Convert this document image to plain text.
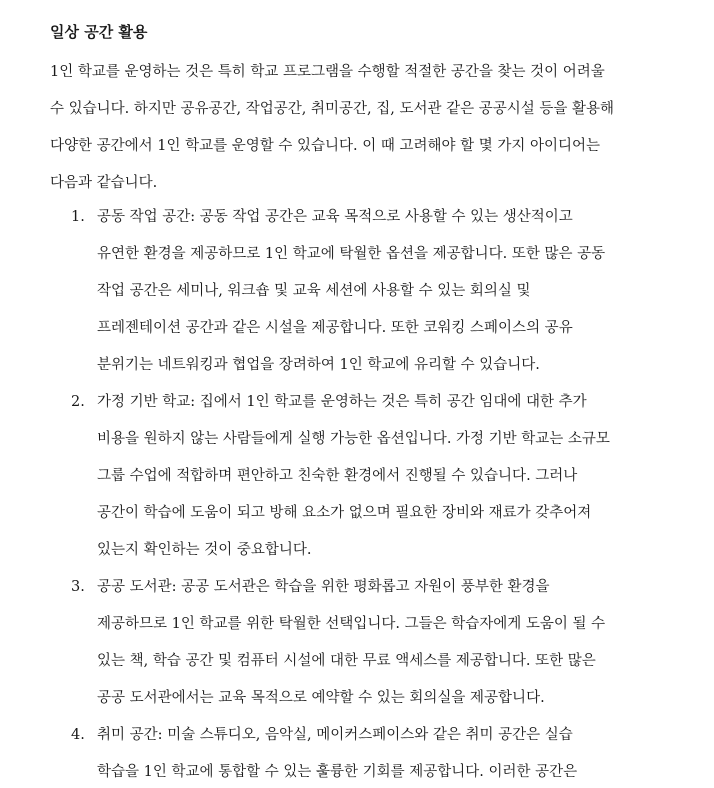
일상 공간 활용
1인 학교를 운영하는 것은 특히 학교 프로그램을 수행할 적절한 공간을 찾는 것이 어려울
수 있습니다. 하지만 공유공간, 작업공간, 취미공간, 집, 도서관 같은 공공시설 등을 활용해
다양한 공간에서 1인 학교를 운영할 수 있습니다. 이 때 고려해야 할 몇 가지 아이디어는
다음과 같습니다.
1. 공동 작업 공간: 공동 작업 공간은 교육 목적으로 사용할 수 있는 생산적이고
유연한 환경을 제공하므로 1인 학교에 탁월한 옵션을 제공합니다. 또한 많은 공동
작업 공간은 세미나, 워크숍 및 교육 세션에 사용할 수 있는 회의실 및
프레젠테이션 공간과 같은 시설을 제공합니다. 또한 코워킹 스페이스의 공유
분위기는 네트워킹과 협업을 장려하여 1인 학교에 유리할 수 있습니다.
2. 가정 기반 학교: 집에서 1인 학교를 운영하는 것은 특히 공간 임대에 대한 추가
비용을 원하지 않는 사람들에게 실행 가능한 옵션입니다. 가정 기반 학교는 소규모
그룹 수업에 적합하며 편안하고 친숙한 환경에서 진행될 수 있습니다. 그러나
공간이 학습에 도움이 되고 방해 요소가 없으며 필요한 장비와 재료가 갖추어져
있는지 확인하는 것이 중요합니다.
3. 공공 도서관: 공공 도서관은 학습을 위한 평화롭고 자원이 풍부한 환경을
제공하므로 1인 학교를 위한 탁월한 선택입니다. 그들은 학습자에게 도움이 될 수
있는 책, 학습 공간 및 컴퓨터 시설에 대한 무료 액세스를 제공합니다. 또한 많은
공공 도서관에서는 교육 목적으로 예약할 수 있는 회의실을 제공합니다.
4. 취미 공간: 미술 스튜디오, 음악실, 메이커스페이스와 같은 취미 공간은 실습
학습을 1인 학교에 통합할 수 있는 훌륭한 기회를 제공합니다. 이러한 공간은
